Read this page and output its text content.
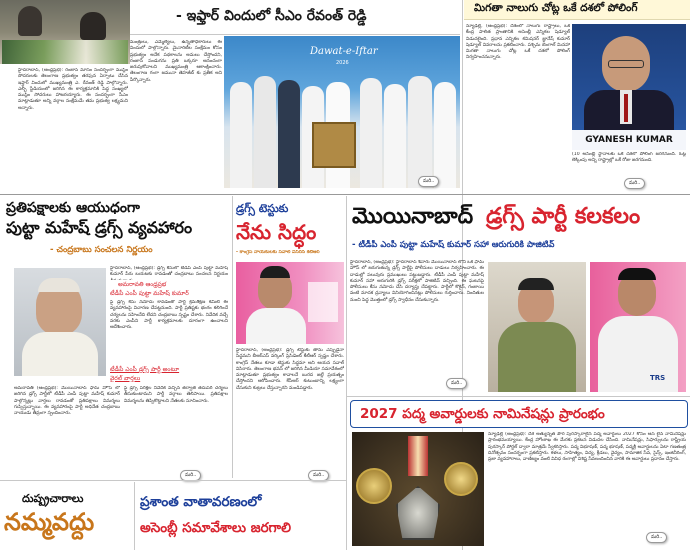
- ఇఫ్తార్ విందులో సీఎం రేవంత్ రెడ్డి
హైదరాబాద్, (ఆంధ్రప్రభ): రంజాన్ మాసం సందర్భంగా ముస్లిం సోదరులకు తెలంగాణ ప్రభుత్వం తరఫున ఏర్పాటు చేసిన ఇఫ్తార్ విందులో ముఖ్యమంత్రి ఎ. రేవంత్ రెడ్డి పాల్గొన్నారు. ఎల్బీ స్టేడియంలో జరిగిన ఈ కార్యక్రమానికి పెద్ద సంఖ్యలో ముస్లిం సోదరులు హాజరయ్యారు. ఈ సందర్భంగా సీఎం మాట్లాడుతూ అన్ని వర్గాల సంక్షేమమే తమ ప్రభుత్వ లక్ష్యమని అన్నారు.
మంత్రులు, ఎమ్మెల్యేలు, ఉన్నతాధికారులు ఈ విందులో పాల్గొన్నారు. మైనారిటీల సంక్షేమం కోసం ప్రభుత్వం అనేక పథకాలను అమలు చేస్తోందని, రంజాన్ పండుగను ప్రతి ఒక్కరూ ఆనందంగా జరుపుకోవాలని ముఖ్యమంత్రి ఆకాంక్షించారు. తెలంగాణ గంగా జమునా తెహజీబ్ కు ప్రతీక అని పేర్కొన్నారు.
Dawat-e-Iftar
2026
మరి..
మిగతా నాలుగు చోట్ల ఒకే దశలో పోలింగ్
న్యూఢిల్లీ, (ఆంధ్రప్రభ): దేశంలో నాలుగు రాష్ట్రాలు, ఒక కేంద్ర పాలిత ప్రాంతానికి అసెంబ్లీ ఎన్నికల షెడ్యూల్ విడుదలైంది. ప్రధాన ఎన్నికల కమిషనర్ జ్ఞానేష్ కుమార్ షెడ్యూల్ వివరాలను ప్రకటించారు. పశ్చిమ బెంగాల్ మినహా మిగతా నాలుగు చోట్ల ఒకే దశలో పోలింగ్ నిర్వహించనున్నారు.
GYANESH KUMAR
(10 అసెంబ్లీ స్థానాలకు ఒకే దశలో పోలింగ్ జరగనుంది. ఓట్ల లెక్కింపు అన్ని రాష్ట్రాల్లో ఒకే రోజు జరగనుంది.
మరి..
ప్రతిపక్షాలకు ఆయుధంగా
పుట్టా మహేష్ డ్రగ్స్ వ్యవహారం
- చంద్రబాబు సంచలన నిర్ణయం
హైదరాబాద్, (ఆంధ్రప్రభ): డ్రగ్స్ కేసులో టీడీపీ ఎంపీ పుట్టా మహేష్ కుమార్ పేరు బయటకు రావడంతో చంద్రబాబు సంచలన నిర్ణయం
అమరావతి ఆంధ్రప్రభ
టీడీపీ ఎంపీ పుట్టా మహేష్ కుమార్
పై డ్రగ్స్ కేసు నమోదు కావడంతో పార్టీ క్రమశిక్షణ కమిటీ ఈ వ్యవహారంపై విచారణ చేపట్టనుంది. పార్టీ ప్రతిష్టకు భంగం కలిగించే చర్యలను సహించేది లేదని చంద్రబాబు స్పష్టం చేశారు. నివేదిక వచ్చే వరకు ఎంపీని పార్టీ కార్యక్రమాలకు దూరంగా ఉంచాలని ఆదేశించారు.
టీడీపీ ఎంపీ డ్రగ్స్ పార్టీ అంటూ
వైరల్ వార్తలు
అమరావతి (ఆంధ్రప్రభ): మొయినాబాద్ ఫామ్ హౌస్ లో జరిగిన డ్రగ్స్ పార్టీలో టీడీపీ ఎంపీ పుట్టా మహేష్ కుమార్ పాల్గొన్నట్లు వార్తలు రావడంతో ప్రతిపక్షాలు విమర్శలు గుప్పిస్తున్నాయి. ఈ వ్యవహారంపై పార్టీ అధినేత చంద్రబాబు నాయుడు తీవ్రంగా స్పందించారు.
పై డ్రగ్స్ పరీక్షల నివేదిక వచ్చిన తర్వాతే తదుపరి చర్యలు తీసుకుంటామని పార్టీ వర్గాలు తెలిపాయి. ప్రతిపక్షాల విమర్శలను తిప్పికొట్టాలని నేతలకు సూచించారు.
మరి..
డ్రగ్స్ టెస్టుకు
నేను సిద్ధం
- కాంగ్రెస్ నాయకులకు సవాల్ విసిరిన కేటీఆర్
హైదరాబాద్, (ఆంధ్రప్రభ): డ్రగ్స్ టెస్టుకు తాను ఎప్పుడైనా సిద్ధమని బీఆర్ఎస్ వర్కింగ్ ప్రెసిడెంట్ కేటీఆర్ స్పష్టం చేశారు. కాంగ్రెస్ నేతలు కూడా టెస్టుకు సిద్ధమా అని ఆయన సవాల్ విసిరారు. తెలంగాణ భవన్ లో జరిగిన మీడియా సమావేశంలో మాట్లాడుతూ ప్రభుత్వం కావాలనే బురద జల్లే ప్రయత్నం చేస్తోందని ఆరోపించారు. కేసీఆర్ కుటుంబాన్ని లక్ష్యంగా చేసుకుని కుట్రలు చేస్తున్నారని మండిపడ్డారు.
మరి..
మొయినాబాద్ డ్రగ్స్ పార్టీ కలకలం
- టీడీపీ ఎంపీ పుట్టా మహేష్ కుమార్ సహా ఆరుగురికి పాజిటివ్
హైదరాబాద్, (ఆంధ్రప్రభ): హైదరాబాద్ శివారు మొయినాబాద్ లోని ఒక ఫామ్ హౌస్ లో జరుగుతున్న డ్రగ్స్ పార్టీపై పోలీసులు దాడులు నిర్వహించారు. ఈ దాడుల్లో పలువురు ప్రముఖులు పట్టుబడ్డారు. టీడీపీ ఎంపీ పుట్టా మహేష్ కుమార్ సహా ఆరుగురికి డ్రగ్స్ పరీక్షలో పాజిటివ్ వచ్చింది. ఈ ఘటనపై పోలీసులు కేసు నమోదు చేసి దర్యాప్తు చేపట్టారు. పార్టీలో కొకైన్, గంజాయి వంటి మాదక ద్రవ్యాలు వినియోగించినట్లు పోలీసులు గుర్తించారు. నిందితుల నుంచి పెద్ద మొత్తంలో డ్రగ్స్ స్వాధీనం చేసుకున్నారు.
TRS
మరి..
2027 పద్మ అవార్డులకు నామినేషన్లు ప్రారంభం
న్యూఢిల్లీ (ఆంధ్రప్రభ): దేశ అత్యున్నత పౌర పురస్కారాలైన పద్మ అవార్డులు 2027 కోసం ఆన్ లైన్ నామినేషన్లు ప్రారంభమయ్యాయి. కేంద్ర హోంశాఖ ఈ మేరకు ప్రకటన విడుదల చేసింది. నామినేషన్లు, సిఫార్సులను రాష్ట్రీయ పురస్కార్ పోర్టల్ ద్వారా మాత్రమే స్వీకరిస్తారు. పద్మ విభూషణ్, పద్మ భూషణ్, పద్మశ్రీ అవార్డులను ఏటా గణతంత్ర దినోత్సవం సందర్భంగా ప్రకటిస్తారు. కళలు, సాహిత్యం, విద్య, క్రీడలు, వైద్యం, సామాజిక సేవ, సైన్స్, ఇంజినీరింగ్, ప్రజా వ్యవహారాలు, వాణిజ్యం వంటి వివిధ రంగాల్లో విశిష్ట సేవలందించిన వారికి ఈ అవార్డులు ప్రదానం చేస్తారు.
మరి..
దుష్ప్రచారాలు
నమ్మవద్దు
ప్రశాంత వాతావరణంలో
అసెంబ్లీ సమావేశాలు జరగాలి
